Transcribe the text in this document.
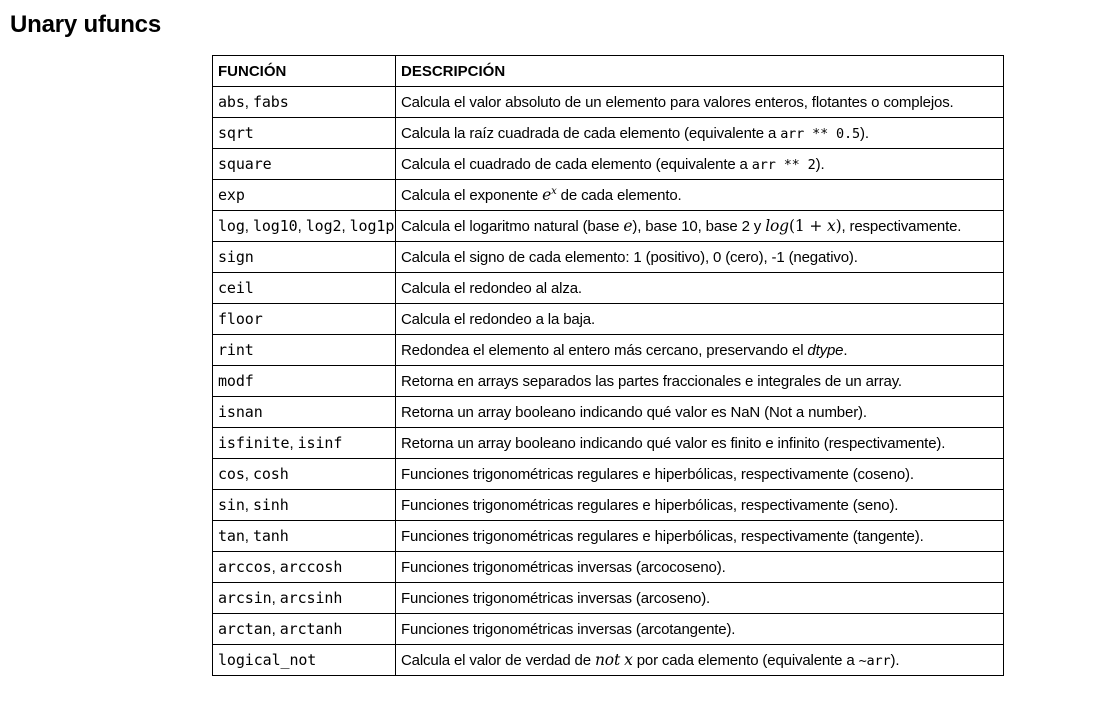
Unary ufuncs
FUNCIÓN	DESCRIPCIÓN
abs, fabs	Calcula el valor absoluto de un elemento para valores enteros, flotantes o complejos.
sqrt	Calcula la raíz cuadrada de cada elemento (equivalente a arr ** 0.5).
square	Calcula el cuadrado de cada elemento (equivalente a arr ** 2).
exp	Calcula el exponente $e^x$ de cada elemento.
log, log10, log2, log1p	Calcula el logaritmo natural (base e), base 10, base 2 y log(1 + x), respectivamente.
sign	Calcula el signo de cada elemento: 1 (positivo), 0 (cero), -1 (negativo).
ceil	Calcula el redondeo al alza.
floor	Calcula el redondeo a la baja.
rint	Redondea el elemento al entero más cercano, preservando el dtype.
modf	Retorna en arrays separados las partes fraccionales e integrales de un array.
isnan	Retorna un array booleano indicando qué valor es NaN (Not a number).
isfinite, isinf	Retorna un array booleano indicando qué valor es finito e infinito (respectivamente).
cos, cosh	Funciones trigonométricas regulares e hiperbólicas, respectivamente (coseno).
sin, sinh	Funciones trigonométricas regulares e hiperbólicas, respectivamente (seno).
tan, tanh	Funciones trigonométricas regulares e hiperbólicas, respectivamente (tangente).
arccos, arccosh	Funciones trigonométricas inversas (arcocoseno).
arcsin, arcsinh	Funciones trigonométricas inversas (arcoseno).
arctan, arctanh	Funciones trigonométricas inversas (arcotangente).
logical_not	Calcula el valor de verdad de not x por cada elemento (equivalente a ~arr).
